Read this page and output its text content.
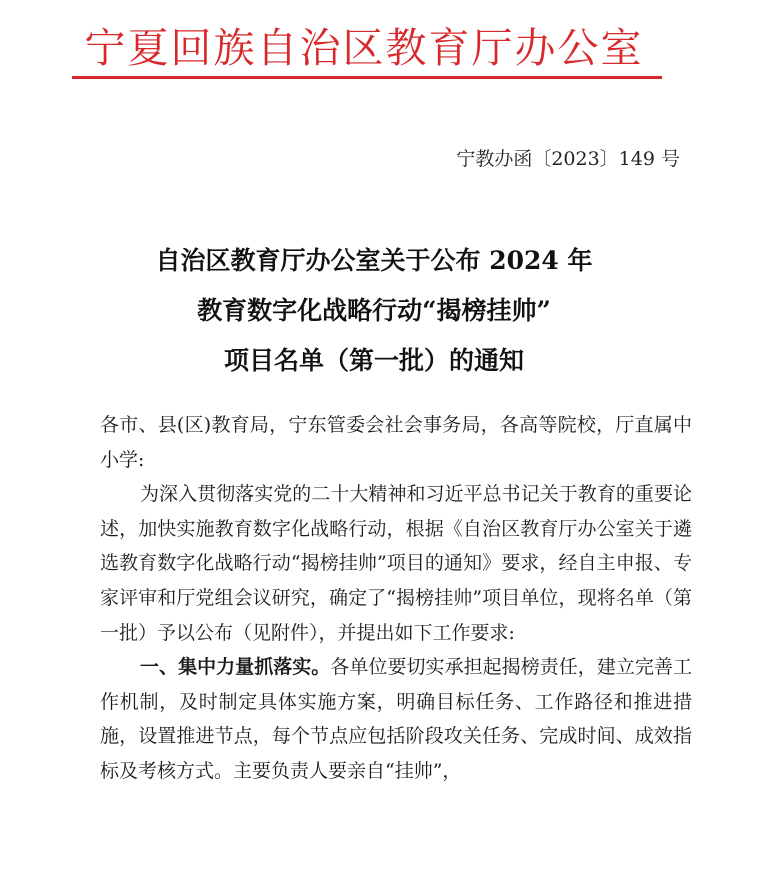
宁夏回族自治区教育厅办公室
宁教办函〔2023〕149 号
自治区教育厅办公室关于公布 2024 年
教育数字化战略行动“揭榜挂帅”
项目名单（第一批）的通知

各市、县(区)教育局，宁东管委会社会事务局，各高等院校，厅直属中小学:

为深入贯彻落实党的二十大精神和习近平总书记关于教育的重要论述，加快实施教育数字化战略行动，根据《自治区教育厅办公室关于遴选教育数字化战略行动“揭榜挂帅”项目的通知》要求，经自主申报、专家评审和厅党组会议研究，确定了“揭榜挂帅”项目单位，现将名单（第一批）予以公布（见附件），并提出如下工作要求:

一、集中力量抓落实。各单位要切实承担起揭榜责任，建立完善工作机制，及时制定具体实施方案，明确目标任务、工作路径和推进措施，设置推进节点，每个节点应包括阶段攻关任务、完成时间、成效指标及考核方式。主要负责人要亲自“挂帅”，
